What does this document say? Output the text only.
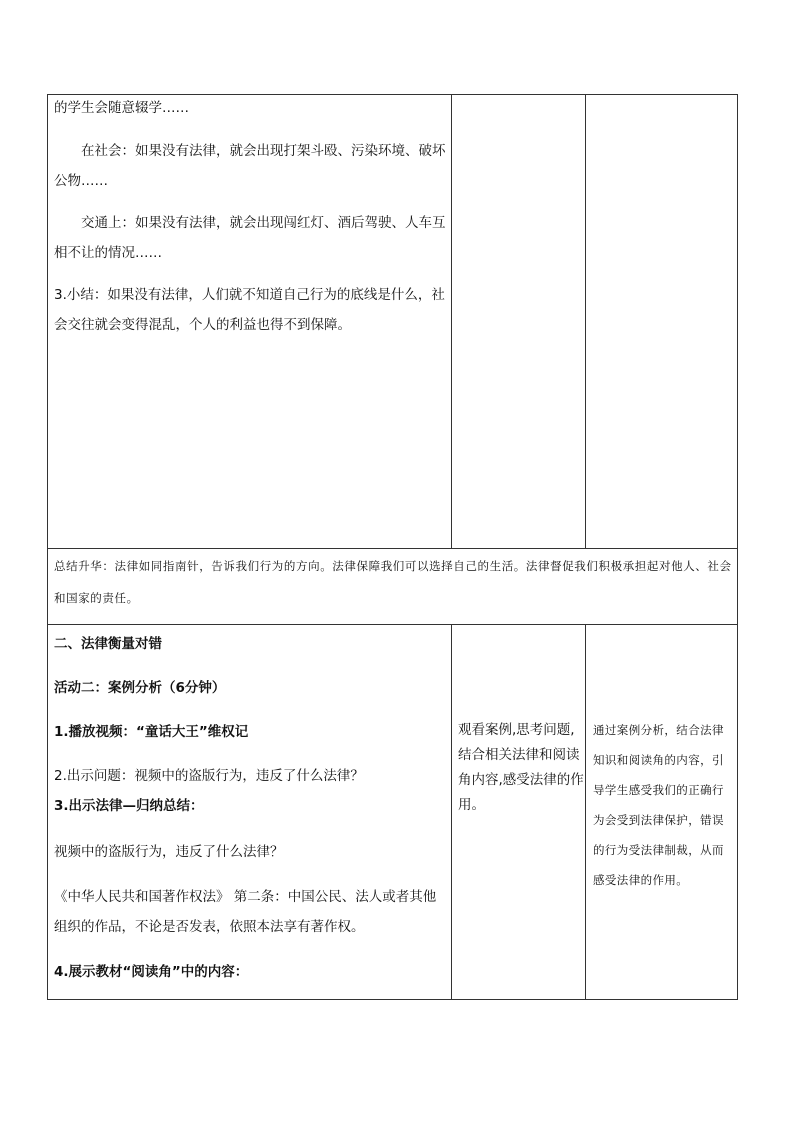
的学生会随意辍学……

在社会：如果没有法律，就会出现打架斗殴、污染环境、破坏公物……

交通上：如果没有法律，就会出现闯红灯、酒后驾驶、人车互相不让的情况……

3.小结：如果没有法律，人们就不知道自己行为的底线是什么，社会交往就会变得混乱，个人的利益也得不到保障。

总结升华：法律如同指南针，告诉我们行为的方向。法律保障我们可以选择自己的生活。法律督促我们积极承担起对他人、社会和国家的责任。

二、法律衡量对错
活动二：案例分析（6分钟）
1.播放视频：“童话大王”维权记
2.出示问题：视频中的盗版行为，违反了什么法律？
3.出示法律—归纳总结：
视频中的盗版行为，违反了什么法律？

《中华人民共和国著作权法》 第二条：中国公民、法人或者其他组织的作品，不论是否发表，依照本法享有著作权。

4.展示教材“阅读角”中的内容：

观看案例,思考问题,结合相关法律和阅读角内容,感受法律的作用。

通过案例分析，结合法律知识和阅读角的内容，引导学生感受我们的正确行为会受到法律保护，错误的行为受法律制裁，从而感受法律的作用。
